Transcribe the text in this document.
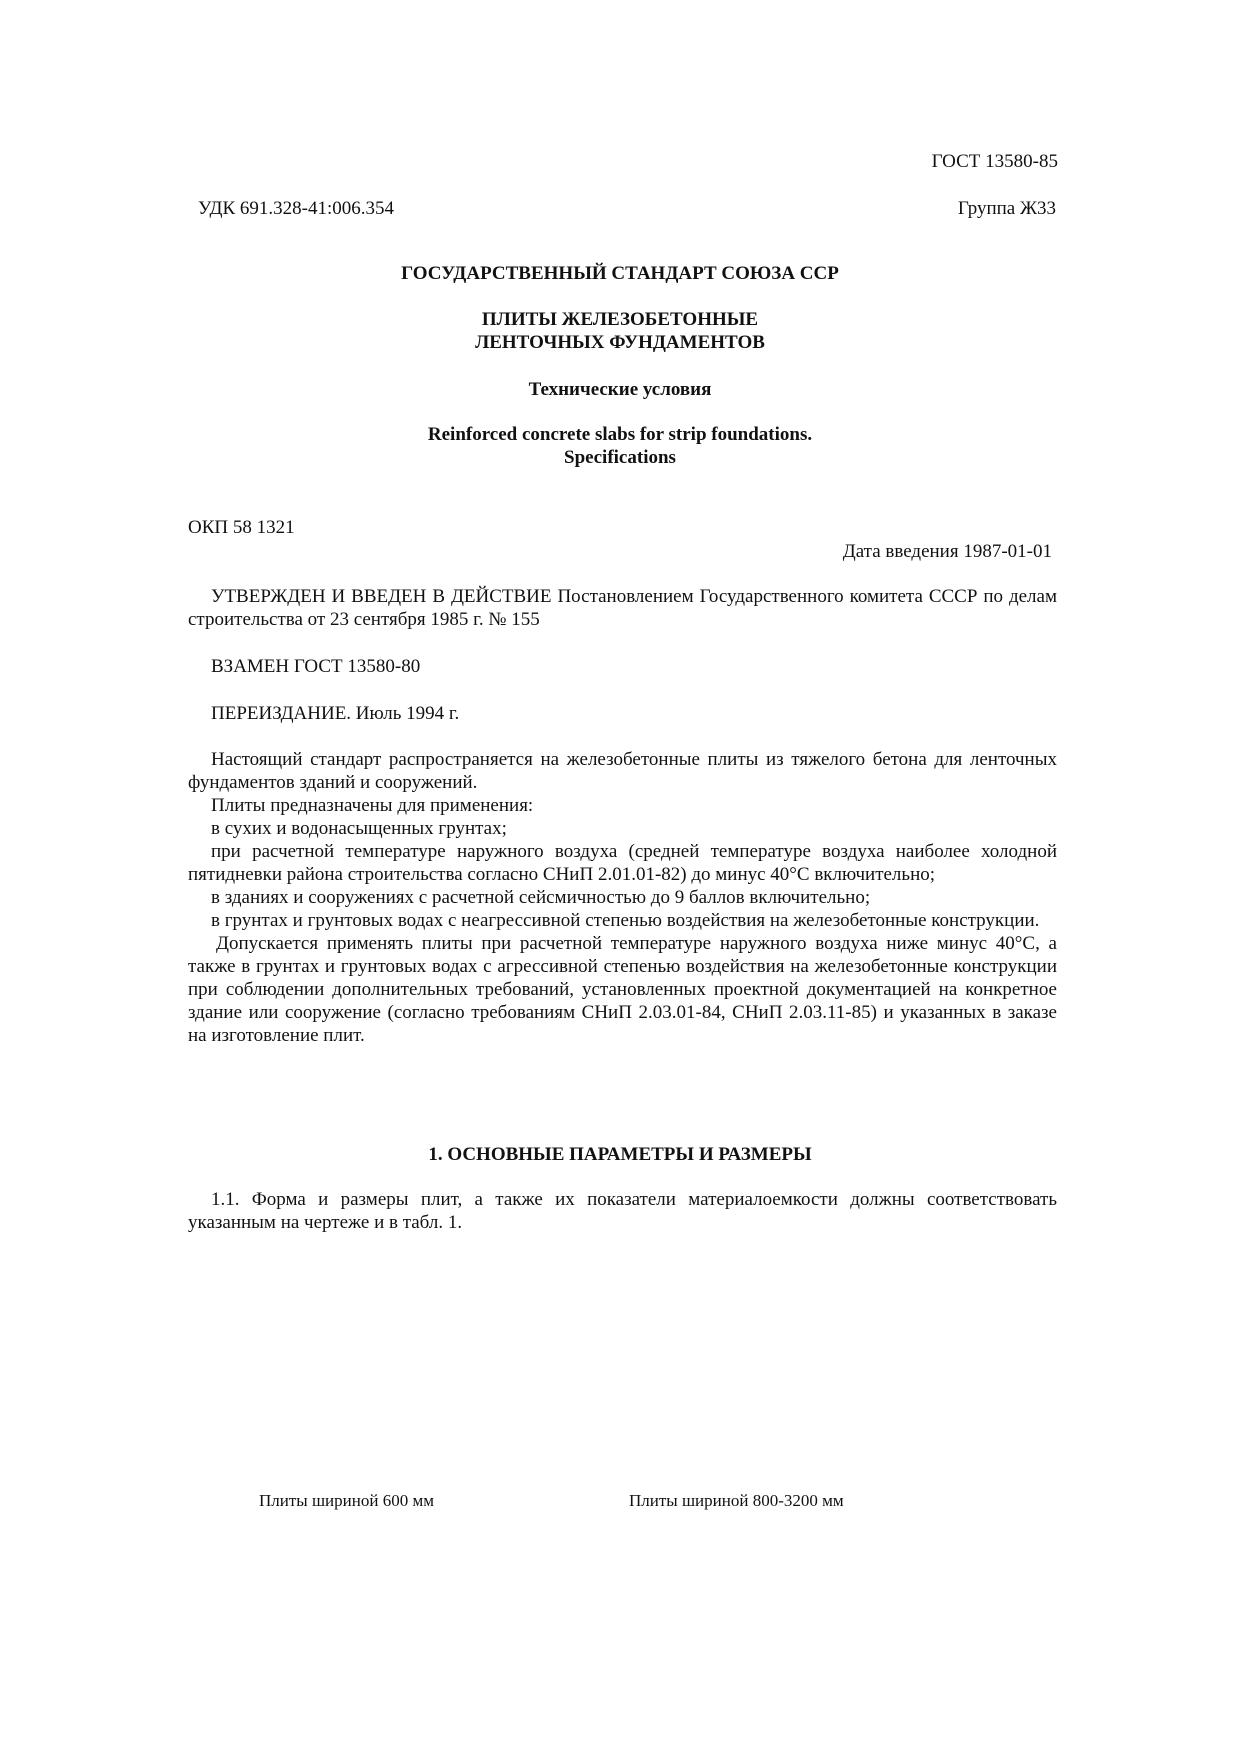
ГОСТ 13580-85
УДК 691.328-41:006.354	Группа Ж33
ГОСУДАРСТВЕННЫЙ СТАНДАРТ СОЮЗА ССР
ПЛИТЫ ЖЕЛЕЗОБЕТОННЫЕ
ЛЕНТОЧНЫХ ФУНДАМЕНТОВ
Технические условия
Reinforced concrete slabs for strip foundations.
Specifications
ОКП 58 1321
Дата введения 1987-01-01
УТВЕРЖДЕН И ВВЕДЕН В ДЕЙСТВИЕ Постановлением Государственного комитета СССР по делам строительства от 23 сентября 1985 г. № 155
ВЗАМЕН ГОСТ 13580-80
ПЕРЕИЗДАНИЕ. Июль 1994 г.

Настоящий стандарт распространяется на железобетонные плиты из тяжелого бетона для ленточных фундаментов зданий и сооружений.

Плиты предназначены для применения:

в сухих и водонасыщенных грунтах;

при расчетной температуре наружного воздуха (средней температуре воздуха наиболее холодной пятидневки района строительства согласно СНиП 2.01.01-82) до минус 40°С включительно;

в зданиях и сооружениях с расчетной сейсмичностью до 9 баллов включительно;

в грунтах и грунтовых водах с неагрессивной степенью воздействия на железобетонные конструкции.

Допускается применять плиты при расчетной температуре наружного воздуха ниже минус 40°С, а также в грунтах и грунтовых водах с агрессивной степенью воздействия на железобетонные конструкции при соблюдении дополнительных требований, установленных проектной документацией на конкретное здание или сооружение (согласно требованиям СНиП 2.03.01-84, СНиП 2.03.11-85) и указанных в заказе на изготовление плит.

1. ОСНОВНЫЕ ПАРАМЕТРЫ И РАЗМЕРЫ
1.1. Форма и размеры плит, а также их показатели материалоемкости должны соответствовать указанным на чертеже и в табл. 1.
Плиты шириной 600 мм	Плиты шириной 800-3200 мм
